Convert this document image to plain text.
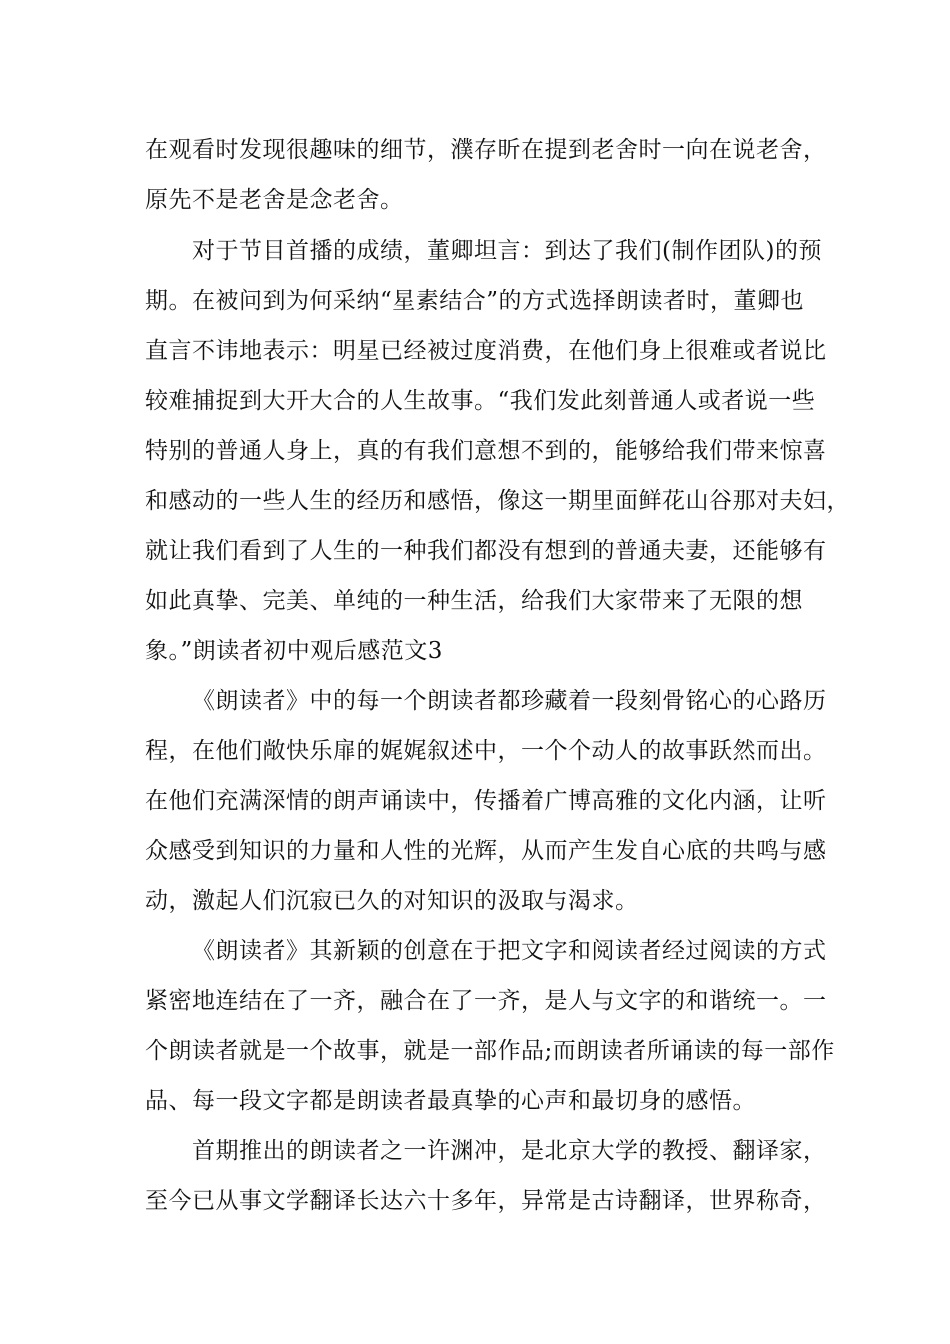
在观看时发现很趣味的细节，濮存昕在提到老舍时一向在说老舍，
原先不是老舍是念老舍。
对于节目首播的成绩，董卿坦言：到达了我们(制作团队)的预
期。在被问到为何采纳“星素结合”的方式选择朗读者时，董卿也
直言不讳地表示：明星已经被过度消费，在他们身上很难或者说比
较难捕捉到大开大合的人生故事。“我们发此刻普通人或者说一些
特别的普通人身上，真的有我们意想不到的，能够给我们带来惊喜
和感动的一些人生的经历和感悟，像这一期里面鲜花山谷那对夫妇，
就让我们看到了人生的一种我们都没有想到的普通夫妻，还能够有
如此真挚、完美、单纯的一种生活，给我们大家带来了无限的想
象。”朗读者初中观后感范文3
《朗读者》中的每一个朗读者都珍藏着一段刻骨铭心的心路历
程，在他们敞快乐扉的娓娓叙述中，一个个动人的故事跃然而出。
在他们充满深情的朗声诵读中，传播着广博高雅的文化内涵，让听
众感受到知识的力量和人性的光辉，从而产生发自心底的共鸣与感
动，激起人们沉寂已久的对知识的汲取与渴求。
《朗读者》其新颖的创意在于把文字和阅读者经过阅读的方式
紧密地连结在了一齐，融合在了一齐，是人与文字的和谐统一。一
个朗读者就是一个故事，就是一部作品;而朗读者所诵读的每一部作
品、每一段文字都是朗读者最真挚的心声和最切身的感悟。
首期推出的朗读者之一许渊冲，是北京大学的教授、翻译家，
至今已从事文学翻译长达六十多年，异常是古诗翻译，世界称奇，
